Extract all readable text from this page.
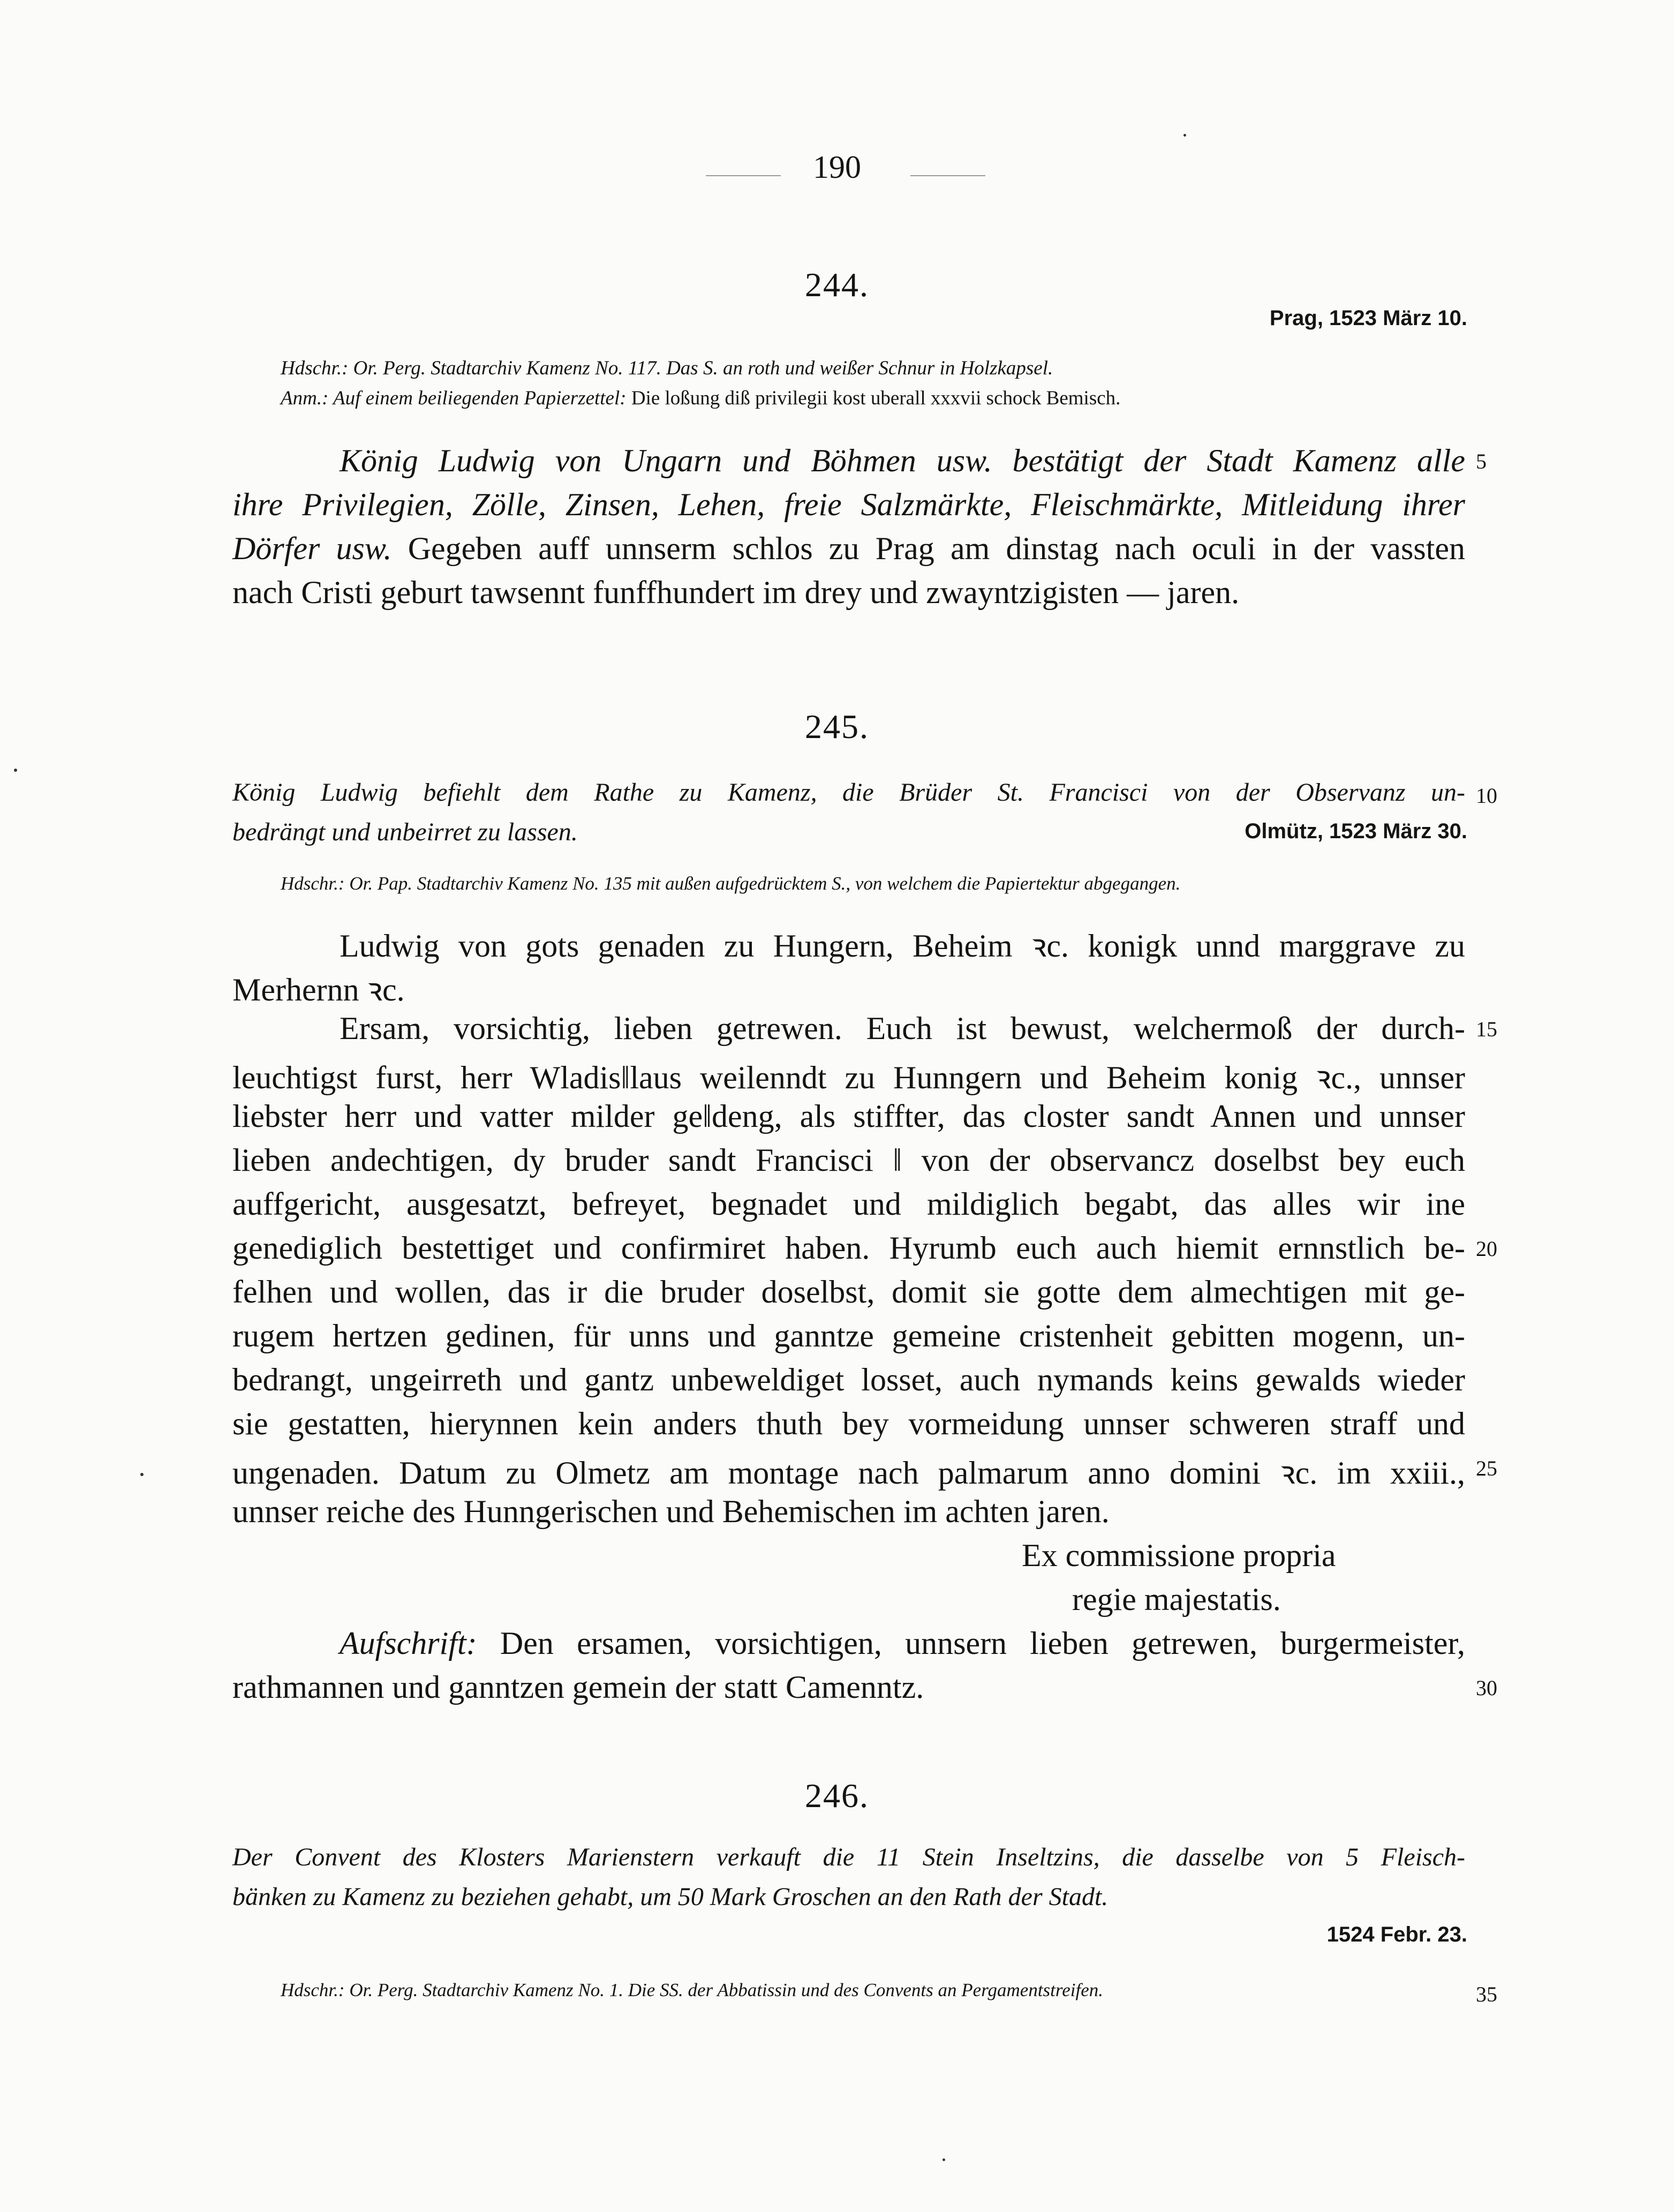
190
244.
Prag, 1523 März 10.
Hdschr.: Or. Perg. Stadtarchiv Kamenz No. 117. Das S. an roth und weißer Schnur in Holzkapsel.
Anm.: Auf einem beiliegenden Papierzettel: Die loßung diß privilegii kost uberall xxxvii schock Bemisch.
König Ludwig von Ungarn und Böhmen usw. bestätigt der Stadt Kamenz alle
ihre Privilegien, Zölle, Zinsen, Lehen, freie Salzmärkte, Fleischmärkte, Mitleidung ihrer
Dörfer usw. Gegeben auff unnserm schlos zu Prag am dinstag nach oculi in der vassten
nach Cristi geburt tawsennt funffhundert im drey und zwayntzigisten — jaren.
5
245.
König Ludwig befiehlt dem Rathe zu Kamenz, die Brüder St. Francisci von der Observanz un-
bedrängt und unbeirret zu lassen.	Olmütz, 1523 März 30.
10
Hdschr.: Or. Pap. Stadtarchiv Kamenz No. 135 mit außen aufgedrücktem S., von welchem die Papiertektur abgegangen.
Ludwig von gots genaden zu Hungern, Beheim ꝛc. konigk unnd marggrave zu
Merhernn ꝛc.
Ersam, vorsichtig, lieben getrewen. Euch ist bewust, welchermoß der durch-
leuchtigst furst, herr Wladis‖laus weilenndt zu Hunngern und Beheim konig ꝛc., unnser
liebster herr und vatter milder ge‖deng, als stiffter, das closter sandt Annen und unnser
lieben andechtigen, dy bruder sandt Francisci ‖ von der observancz doselbst bey euch
auffgericht, ausgesatzt, befreyet, begnadet und mildiglich begabt, das alles wir ine
genediglich bestettiget und confirmiret haben. Hyrumb euch auch hiemit ernnstlich be-
felhen und wollen, das ir die bruder doselbst, domit sie gotte dem almechtigen mit ge-
rugem hertzen gedinen, für unns und ganntze gemeine cristenheit gebitten mogenn, un-
bedrangt, ungeirreth und gantz unbeweldiget losset, auch nymands keins gewalds wieder
sie gestatten, hierynnen kein anders thuth bey vormeidung unnser schweren straff und
ungenaden. Datum zu Olmetz am montage nach palmarum anno domini ꝛc. im xxiii.,
unnser reiche des Hunngerischen und Behemischen im achten jaren.
Ex commissione propria
regie majestatis.
Aufschrift: Den ersamen, vorsichtigen, unnsern lieben getrewen, burgermeister,
rathmannen und ganntzen gemein der statt Camenntz.
15
20
25
30
246.
Der Convent des Klosters Marienstern verkauft die 11 Stein Inseltzins, die dasselbe von 5 Fleisch-
bänken zu Kamenz zu beziehen gehabt, um 50 Mark Groschen an den Rath der Stadt.
1524 Febr. 23.
Hdschr.: Or. Perg. Stadtarchiv Kamenz No. 1. Die SS. der Abbatissin und des Convents an Pergamentstreifen.	35
